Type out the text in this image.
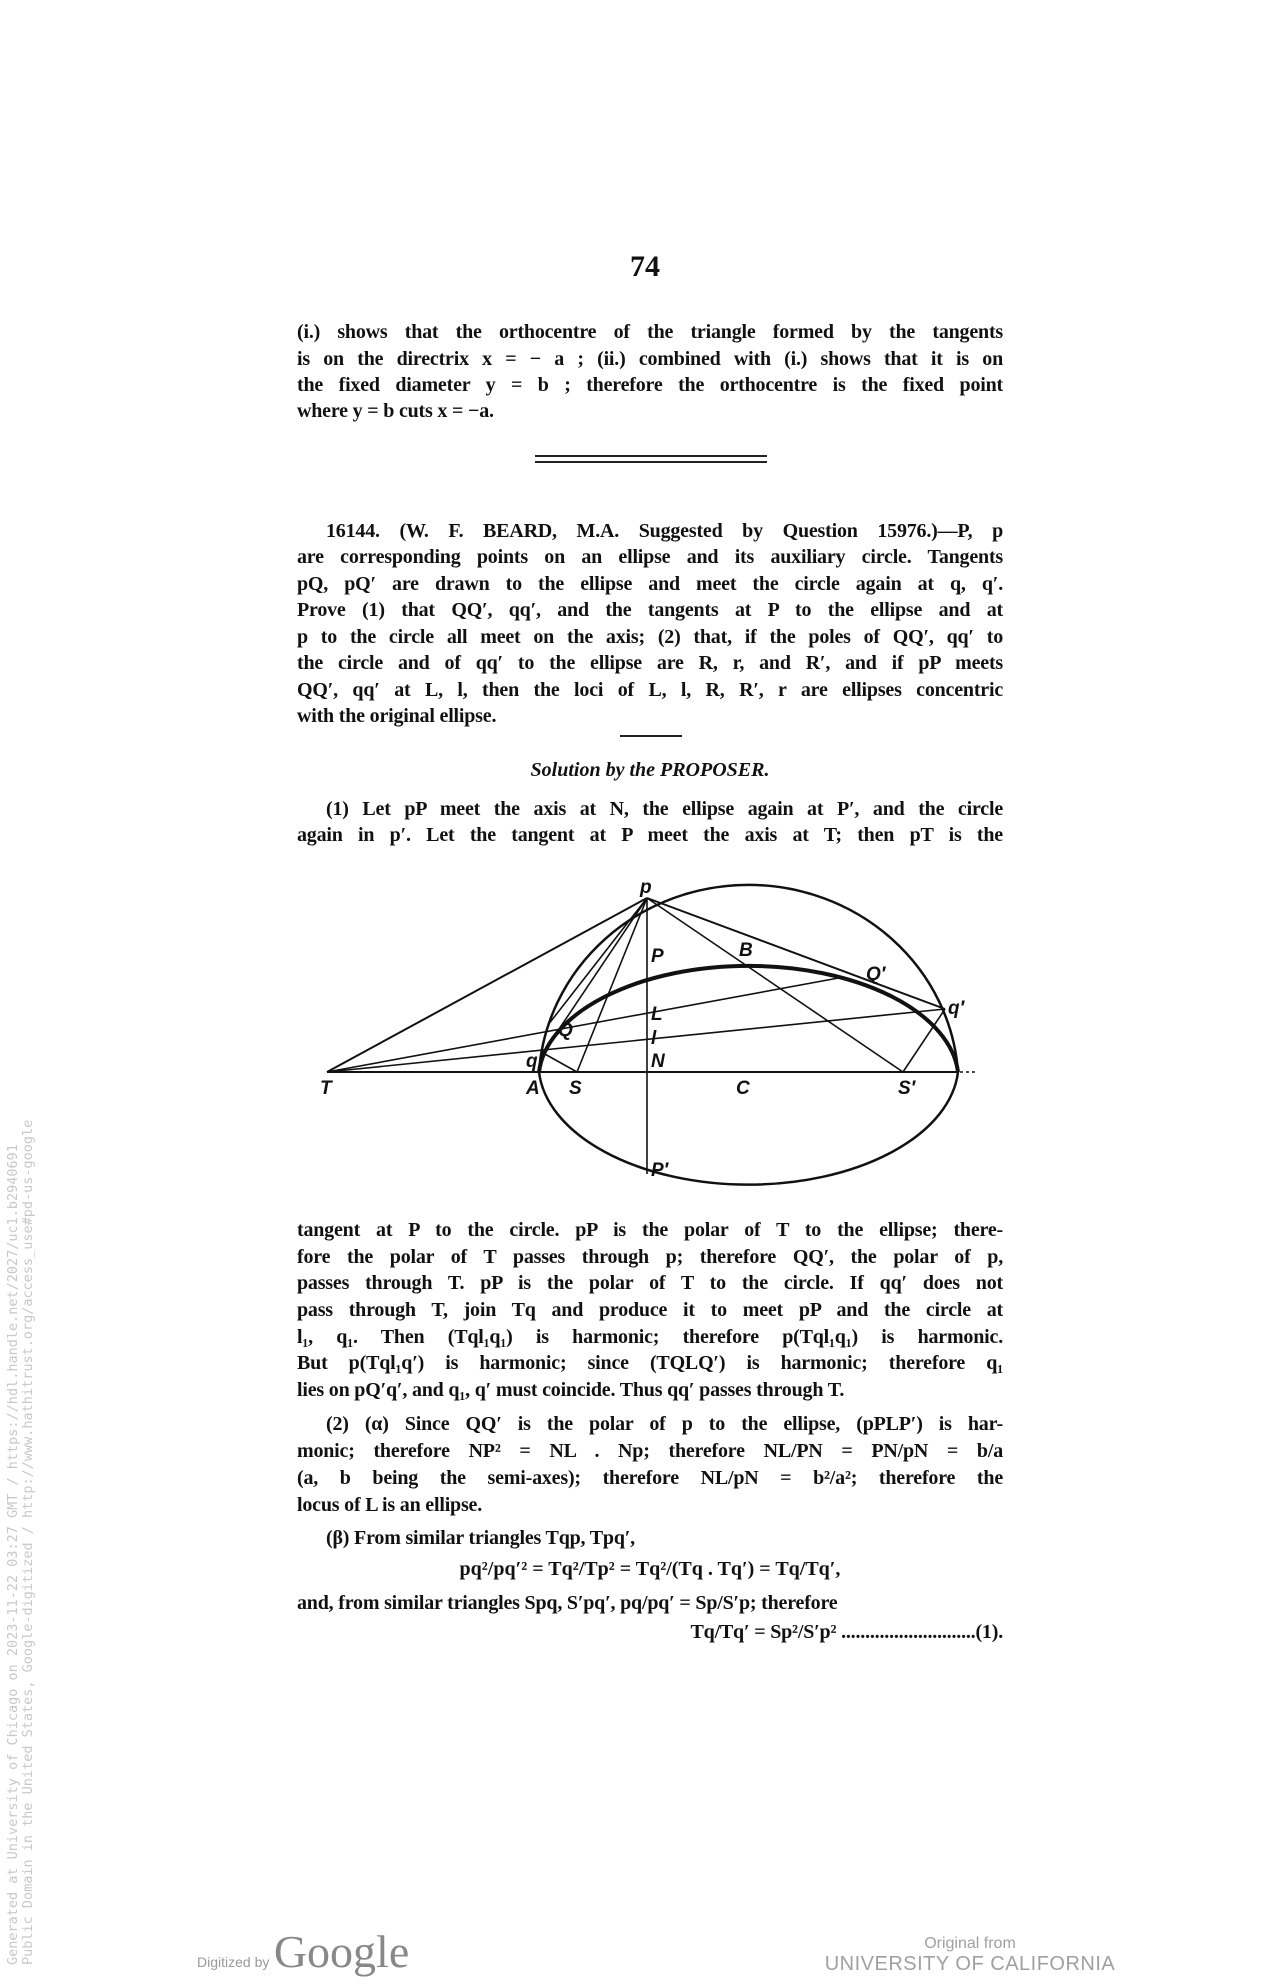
74
(i.) shows that the orthocentre of the triangle formed by the tangents
is on the directrix x = − a ; (ii.) combined with (i.) shows that it is on
the fixed diameter y = b ; therefore the orthocentre is the fixed point
where y = b cuts x = −a.
16144. (W. F. BEARD, M.A. Suggested by Question 15976.)—P, p
are corresponding points on an ellipse and its auxiliary circle. Tangents
pQ, pQ′ are drawn to the ellipse and meet the circle again at q, q′.
Prove (1) that QQ′, qq′, and the tangents at P to the ellipse and at
p to the circle all meet on the axis; (2) that, if the poles of QQ′, qq′ to
the circle and of qq′ to the ellipse are R, r, and R′, and if pP meets
QQ′, qq′ at L, l, then the loci of L, l, R, R′, r are ellipses concentric
with the original ellipse.
Solution by the PROPOSER.
(1) Let pP meet the axis at N, the ellipse again at P′, and the circle
again in p′. Let the tangent at P meet the axis at T; then pT is the
p
P	B
Q′
q′
L
l
Q
q	N
T	A S	C	S′
P′
tangent at P to the circle. pP is the polar of T to the ellipse; there-
fore the polar of T passes through p; therefore QQ′, the polar of p,
passes through T. pP is the polar of T to the circle. If qq′ does not
pass through T, join Tq and produce it to meet pP and the circle at
l₁, q₁. Then (Tql₁q₁) is harmonic; therefore p(Tql₁q₁) is harmonic.
But p(Tql₁q′) is harmonic; since (TQLQ′) is harmonic; therefore q₁
lies on pQ′q′, and q₁, q′ must coincide. Thus qq′ passes through T.
(2) (α) Since QQ′ is the polar of p to the ellipse, (pPLP′) is har-
monic; therefore NP² = NL . Np; therefore NL/PN = PN/pN = b/a
(a, b being the semi-axes); therefore NL/pN = b²/a²; therefore the
locus of L is an ellipse.
(β) From similar triangles Tqp, Tpq′,
pq²/pq′² = Tq²/Tp² = Tq²/(Tq . Tq′) = Tq/Tq′,
and, from similar triangles Spq, S′pq′, pq/pq′ = Sp/S′p; therefore
Tq/Tq′ = Sp²/S′p² ............................(1).
Generated at University of Chicago on 2023-11-22 03:27 GMT / https://hdl.handle.net/2027/uc1.b2940691 Public Domain in the United States, Google-digitized / http://www.hathitrust.org/access_use#pd-us-google	Digitized by Google	Original from
UNIVERSITY OF CALIFORNIA
